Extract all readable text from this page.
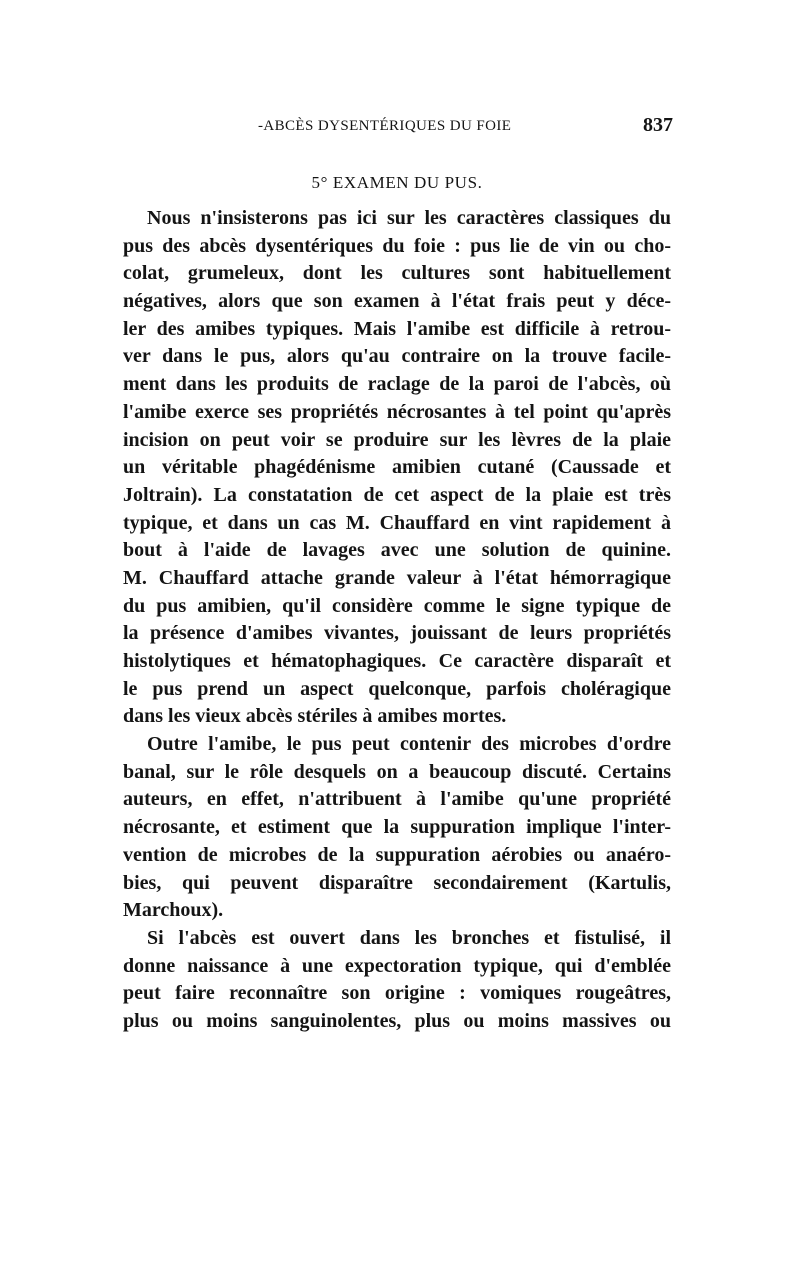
-ABCÈS DYSENTÉRIQUES DU FOIE	837
5° EXAMEN DU PUS.
Nous n'insisterons pas ici sur les caractères classiques du
pus des abcès dysentériques du foie : pus lie de vin ou cho-
colat, grumeleux, dont les cultures sont habituellement
négatives, alors que son examen à l'état frais peut y déce-
ler des amibes typiques. Mais l'amibe est difficile à retrou-
ver dans le pus, alors qu'au contraire on la trouve facile-
ment dans les produits de raclage de la paroi de l'abcès, où
l'amibe exerce ses propriétés nécrosantes à tel point qu'après
incision on peut voir se produire sur les lèvres de la plaie
un véritable phagédénisme amibien cutané (Caussade et
Joltrain). La constatation de cet aspect de la plaie est très
typique, et dans un cas M. Chauffard en vint rapidement à
bout à l'aide de lavages avec une solution de quinine.
M. Chauffard attache grande valeur à l'état hémorragique
du pus amibien, qu'il considère comme le signe typique de
la présence d'amibes vivantes, jouissant de leurs propriétés
histolytiques et hématophagiques. Ce caractère disparaît et
le pus prend un aspect quelconque, parfois choléragique
dans les vieux abcès stériles à amibes mortes.
Outre l'amibe, le pus peut contenir des microbes d'ordre
banal, sur le rôle desquels on a beaucoup discuté. Certains
auteurs, en effet, n'attribuent à l'amibe qu'une propriété
nécrosante, et estiment que la suppuration implique l'inter-
vention de microbes de la suppuration aérobies ou anaéro-
bies, qui peuvent disparaître secondairement (Kartulis,
Marchoux).
Si l'abcès est ouvert dans les bronches et fistulisé, il
donne naissance à une expectoration typique, qui d'emblée
peut faire reconnaître son origine : vomiques rougeâtres,
plus ou moins sanguinolentes, plus ou moins massives ou
